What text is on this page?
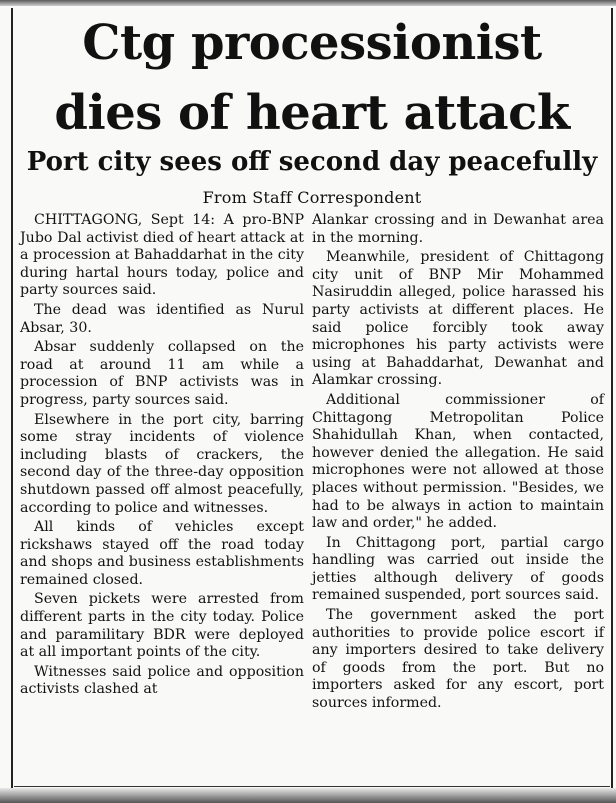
Ctg processionist
dies of heart attack
Port city sees off second day peacefully
From Staff Correspondent

CHITTAGONG, Sept 14: A pro-BNP Jubo Dal activist died of heart attack at a procession at Bahaddarhat in the city during hartal hours today, police and party sources said.

The dead was identified as Nurul Absar, 30.

Absar suddenly collapsed on the road at around 11 am while a procession of BNP activists was in progress, party sources said.

Elsewhere in the port city, barring some stray incidents of violence including blasts of crackers, the second day of the three-day opposition shutdown passed off almost peacefully, according to police and witnesses.

All kinds of vehicles except rickshaws stayed off the road today and shops and business establishments remained closed.

Seven pickets were arrested from different parts in the city today. Police and paramilitary BDR were deployed at all important points of the city.

Witnesses said police and opposition activists clashed at

Alankar crossing and in Dewanhat area in the morning.

Meanwhile, president of Chittagong city unit of BNP Mir Mohammed Nasiruddin alleged, police harassed his party activists at different places. He said police forcibly took away microphones his party activists were using at Bahaddarhat, Dewanhat and Alamkar crossing.

Additional commissioner of Chittagong Metropolitan Police Shahidullah Khan, when contacted, however denied the allegation. He said microphones were not allowed at those places without permission. "Besides, we had to be always in action to maintain law and order," he added.

In Chittagong port, partial cargo handling was carried out inside the jetties although delivery of goods remained suspended, port sources said.

The government asked the port authorities to provide police escort if any importers desired to take delivery of goods from the port. But no importers asked for any escort, port sources informed.
